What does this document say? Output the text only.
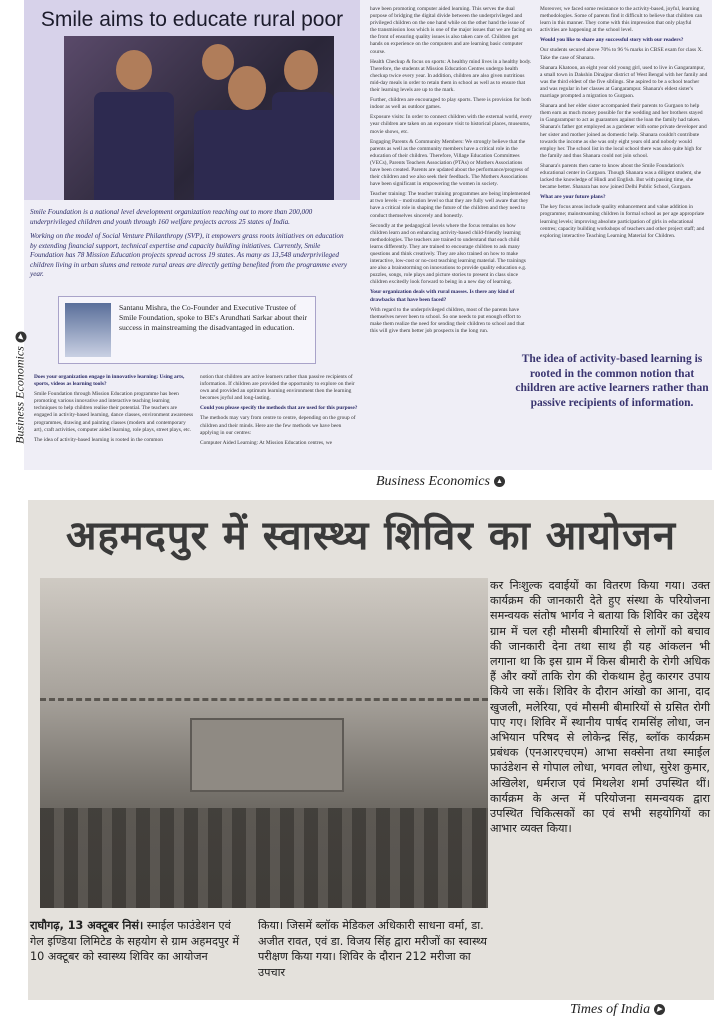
Smile aims to educate rural poor
Smile Foundation is a national level development organization reaching out to more than 200,000 underprivileged children and youth through 160 welfare projects across 25 states of India.
Working on the model of Social Venture Philanthropy (SVP), it empowers grass roots initiatives on education by extending financial support, technical expertise and capacity building initiatives. Currently, Smile Foundation has 78 Mission Education projects spread across 19 states. As many as 13,548 underprivileged children living in urban slums and remote rural areas are directly getting benefited from the programme every year.
Santanu Mishra, the Co-Founder and Executive Trustee of Smile Foundation, spoke to BE's Arundhati Sarkar about their success in mainstreaming the disadvantaged in education.

Does your organization engage in innovative learning: Using arts, sports, videos as learning tools?

Smile Foundation through Mission Education programme has been promoting various innovative and interactive teaching learning techniques to help children realise their potential. The teachers are engaged in activity-based learning, dance classes, environment awareness programmes, drawing and painting classes (modern and contemporary art), craft activities, computer aided learning, role plays, street plays, etc.

The idea of activity-based learning is rooted in the common

notion that children are active learners rather than passive recipients of information. If children are provided the opportunity to explore on their own and provided an optimum learning environment then the learning becomes joyful and long-lasting.

Could you please specify the methods that are used for this purpose?

The methods may vary from centre to centre, depending on the group of children and their minds. Here are the few methods we have been applying in our centres:

Computer Aided Learning: At Mission Education centres, we

have been promoting computer aided learning. This serves the dual purpose of bridging the digital divide between the underprivileged and privileged children on the one hand while on the other hand the issue of the transmission loss which is one of the major issues that we are facing on the front of ensuring quality issues is also taken care of. Children get hands on experience on the computers and are learning basic computer course.

Health Checkup & focus on sports: A healthy mind lives in a healthy body. Therefore, the students at Mission Education Centres undergo health checkup twice every year. In addition, children are also given nutritious mid-day meals in order to retain them in school as well as to ensure that their learning levels are up to the mark.

Further, children are encouraged to play sports. There is provision for both indoor as well as outdoor games.

Exposure visits: In order to connect children with the external world, every year children are taken on an exposure visit to historical places, museums, movie shows, etc.

Engaging Parents & Community Members: We strongly believe that the parents as well as the community members have a critical role in the education of their children. Therefore, Village Education Committees (VECs), Parents Teachers Association (PTAs) or Mothers Associations have been created. Parents are updated about the performance/progress of their children and we also seek their feedback. The Mothers Associations have been significant in empowering the women in society.

Teacher training: The teacher training programmes are being implemented at two levels – motivation level so that they are fully well aware that they have a critical role in shaping the future of the children and they need to conduct themselves sincerely and honestly.

Secondly at the pedagogical levels where the focus remains on how children learn and on enhancing activity-based child-friendly learning methodologies. The teachers are trained to understand that each child learns differently. They are trained to encourage children to ask many questions and think creatively. They are also trained on how to make interactive, low-cost or no-cost teaching learning material. The trainings are also a brainstorming on innovations to provide quality education e.g. puzzles, songs, role plays and picture stories to present in class since children excitedly look forward to being in a new day of learning.

Your organization deals with rural masses. Is there any kind of drawbacks that have been faced?

With regard to the underprivileged children, most of the parents have themselves never been to school. So one needs to put enough effort to make them realize the need for sending their children to school and that this will give them better job prospects in the long run.

Moreover, we faced some resistance to the activity-based, joyful, learning methodologies. Some of parents find it difficult to believe that children can learn in this manner. They come with this impression that only playful activities are happening at the school level.

Would you like to share any successful story with our readers?

Our students secured above 70% to 96 % marks in CBSE exam for class X. Take the case of Shanara.

Shanara Khatoon, an eight year old young girl, used to live in Gangarampur, a small town in Dakshin Dinajpur district of West Bengal with her family and was the third eldest of the five siblings. She aspired to be a school teacher and was regular in her classes at Gangarampur. Shanara's eldest sister's marriage prompted a migration to Gurgaon.

Shanara and her elder sister accompanied their parents to Gurgaon to help them earn as much money possible for the wedding and her brothers stayed in Gangarampur to act as guarantors against the loan the family had taken. Shanara's father got employed as a gardener with some private developer and her sister and mother joined as domestic help. Shanara couldn't contribute towards the income as she was only eight years old and nobody would employ her. The school list in the local school there was also quite high for the family and thus Shanara could not join school.

Shanara's parents then came to know about the Smile Foundation's educational center in Gurgaon. Though Shanara was a diligent student, she lacked the knowledge of Hindi and English. But with passing time, she became better. Shanara has now joined Delhi Public School, Gurgaon.

What are your future plans?

The key focus areas include quality enhancement and value addition in programme; mainstreaming children in formal school as per age appropriate learning levels; improving absolute participation of girls in educational centres; capacity building workshops of teachers and other project staff; and exploring interactive Teaching Learning Material for Children.

The idea of activity-based learning is rooted in the common notion that children are active learners rather than passive recipients of information.
Business Economics▶
Business Economics ▲
अहमदपुर में स्वास्थ्य शिविर का आयोजन
कर निःशुल्क दवाईयों का वितरण किया गया। उक्त कार्यक्रम की जानकारी देते हुए संस्था के परियोजना समन्वयक संतोष भार्गव ने बताया कि शिविर का उद्देश्य ग्राम में चल रही मौसमी बीमारियों से लोगों को बचाव की जानकारी देना तथा साथ ही यह आंकलन भी लगाना था कि इस ग्राम में किस बीमारी के रोगी अधिक हैं और क्यों ताकि रोग की रोकथाम हेतु कारगर उपाय किये जा सकें। शिविर के दौरान आंखो का आना, दाद खुजली, मलेरिया, एवं मौसमी बीमारियों से ग्रसित रोगी पाए गए। शिविर में स्थानीय पार्षद रामसिंह लोधा, जन अभियान परिषद से लोकेन्द्र सिंह, ब्लॉक कार्यक्रम प्रबंधक (एनआरएचएम) आभा सक्सेना तथा स्माईल फाउंडेशन से गोपाल लोधा, भगवत लोधा, सुरेश कुमार, अखिलेश, धर्मराज एवं मिथलेश शर्मा उपस्थित थीं। कार्यक्रम के अन्त में परियोजना समन्वयक द्वारा उपस्थित चिकित्सकों का एवं सभी सहयोगियों का आभार व्यक्त किया।
राघौगढ़, 13 अक्टूबर निसं। स्माईल फाउंडेशन एवं गेल इण्डिया लिमिटेड के सहयोग से ग्राम अहमदपुर में 10 अक्टूबर को स्वास्थ्य शिविर का आयोजन
किया। जिसमें ब्लॉक मेडिकल अधिकारी साधना वर्मा, डा. अजीत रावत, एवं डा. विजय सिंह द्वारा मरीजों का स्वास्थ्य परीक्षण किया गया। शिविर के दौरान 212 मरीजा का उपचार
Times of India ▶
